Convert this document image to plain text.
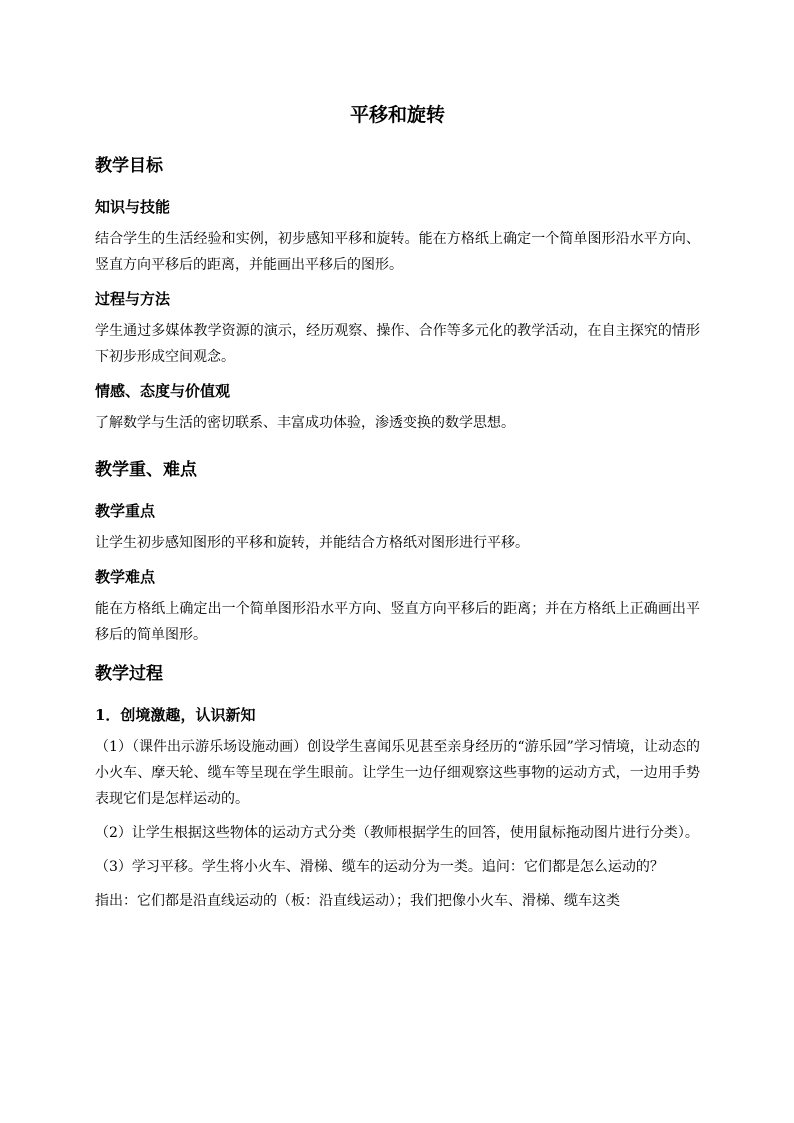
平移和旋转
教学目标
知识与技能
结合学生的生活经验和实例，初步感知平移和旋转。能在方格纸上确定一个简单图形沿水平方向、竖直方向平移后的距离，并能画出平移后的图形。
过程与方法
学生通过多媒体教学资源的演示，经历观察、操作、合作等多元化的教学活动，在自主探究的情形下初步形成空间观念。
情感、态度与价值观
了解数学与生活的密切联系、丰富成功体验，渗透变换的数学思想。
教学重、难点
教学重点
让学生初步感知图形的平移和旋转，并能结合方格纸对图形进行平移。
教学难点
能在方格纸上确定出一个简单图形沿水平方向、竖直方向平移后的距离；并在方格纸上正确画出平移后的简单图形。
教学过程
1．创境激趣，认识新知
（1）（课件出示游乐场设施动画）创设学生喜闻乐见甚至亲身经历的“游乐园”学习情境，让动态的小火车、摩天轮、缆车等呈现在学生眼前。让学生一边仔细观察这些事物的运动方式，一边用手势表现它们是怎样运动的。
（2）让学生根据这些物体的运动方式分类（教师根据学生的回答，使用鼠标拖动图片进行分类）。
（3）学习平移。学生将小火车、滑梯、缆车的运动分为一类。追问：它们都是怎么运动的？
指出：它们都是沿直线运动的（板：沿直线运动）；我们把像小火车、滑梯、缆车这类
